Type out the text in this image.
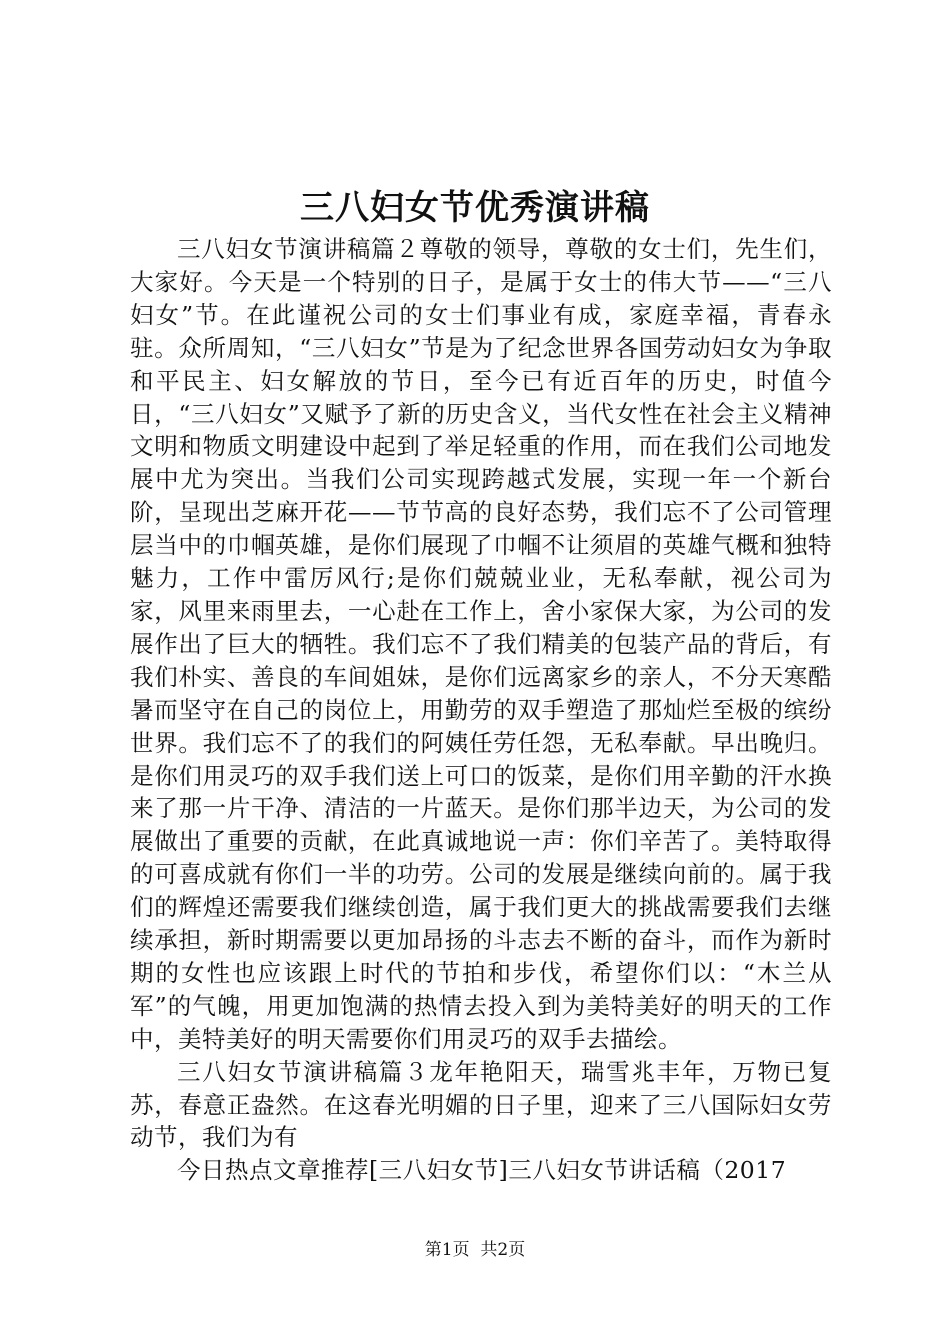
三八妇女节优秀演讲稿

三八妇女节演讲稿篇２尊敬的领导，尊敬的女士们，先生们，大家好。今天是一个特别的日子，是属于女士的伟大节——“三八妇女”节。在此谨祝公司的女士们事业有成，家庭幸福，青春永驻。众所周知，“三八妇女”节是为了纪念世界各国劳动妇女为争取和平民主、妇女解放的节日，至今已有近百年的历史，时值今日，“三八妇女”又赋予了新的历史含义，当代女性在社会主义精神文明和物质文明建设中起到了举足轻重的作用，而在我们公司地发展中尤为突出。当我们公司实现跨越式发展，实现一年一个新台阶，呈现出芝麻开花——节节高的良好态势，我们忘不了公司管理层当中的巾帼英雄，是你们展现了巾帼不让须眉的英雄气概和独特魅力，工作中雷厉风行;是你们兢兢业业，无私奉献，视公司为家，风里来雨里去，一心赴在工作上，舍小家保大家，为公司的发展作出了巨大的牺牲。我们忘不了我们精美的包装产品的背后，有我们朴实、善良的车间姐妹，是你们远离家乡的亲人，不分天寒酷暑而坚守在自己的岗位上，用勤劳的双手塑造了那灿烂至极的缤纷世界。我们忘不了的我们的阿姨任劳任怨，无私奉献。早出晚归。是你们用灵巧的双手我们送上可口的饭菜，是你们用辛勤的汗水换来了那一片干净、清洁的一片蓝天。是你们那半边天，为公司的发展做出了重要的贡献，在此真诚地说一声：你们辛苦了。美特取得的可喜成就有你们一半的功劳。公司的发展是继续向前的。属于我们的辉煌还需要我们继续创造，属于我们更大的挑战需要我们去继续承担，新时期需要以更加昂扬的斗志去不断的奋斗，而作为新时期的女性也应该跟上时代的节拍和步伐，希望你们以：“木兰从军”的气魄，用更加饱满的热情去投入到为美特美好的明天的工作中，美特美好的明天需要你们用灵巧的双手去描绘。

三八妇女节演讲稿篇３龙年艳阳天，瑞雪兆丰年，万物已复苏，春意正盎然。在这春光明媚的日子里，迎来了三八国际妇女劳动节，我们为有

今日热点文章推荐[三八妇女节]三八妇女节讲话稿（2017

第1页  共2页
